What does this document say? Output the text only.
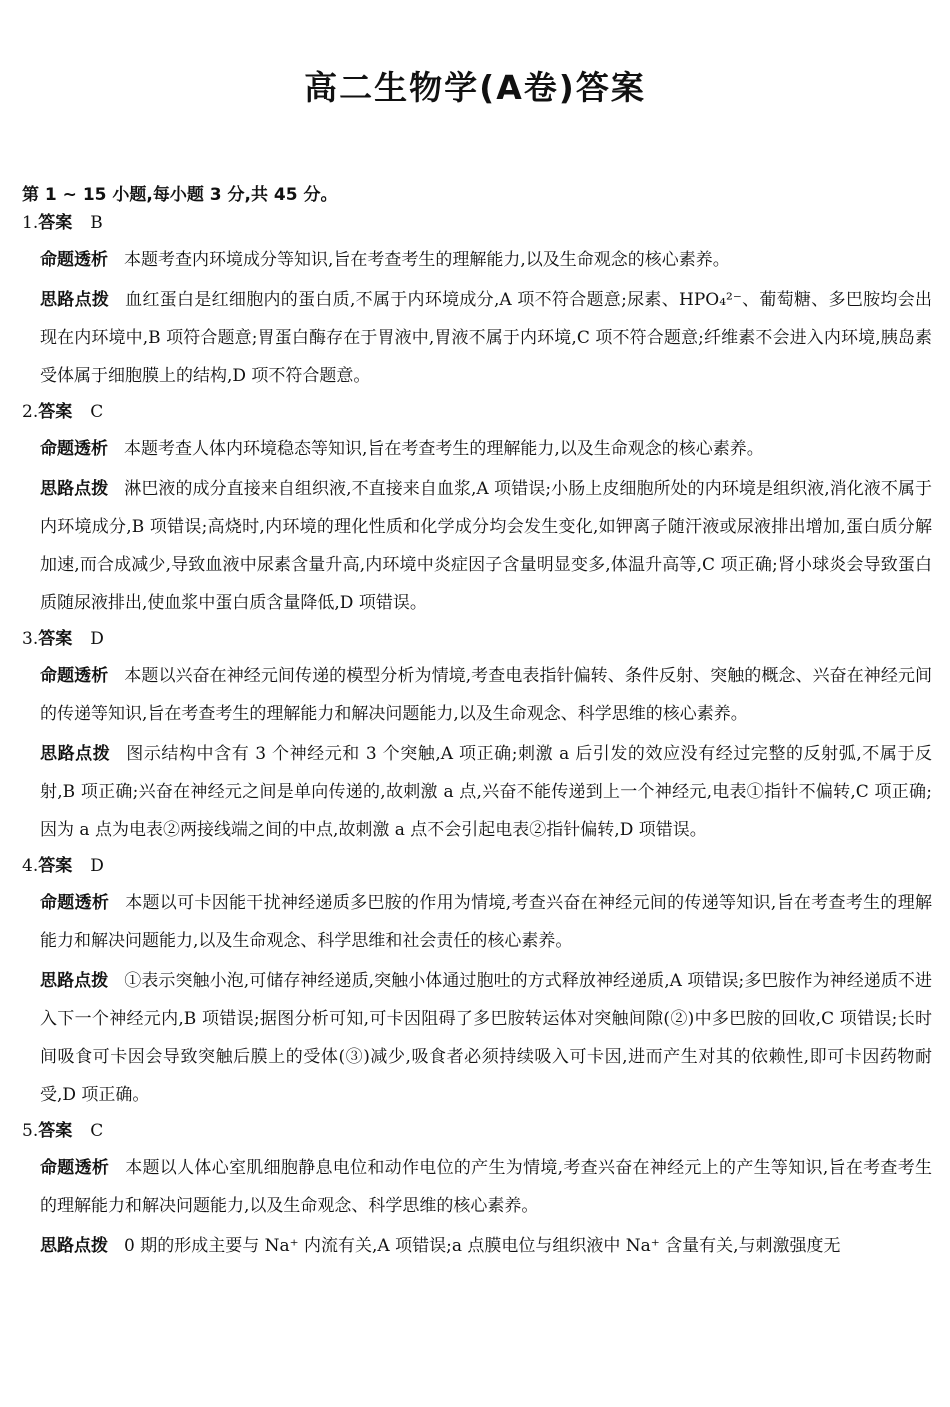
高二生物学(A卷)答案
第 1 ~ 15 小题,每小题 3 分,共 45 分。
1.答案 B
命题透析 本题考查内环境成分等知识,旨在考查考生的理解能力,以及生命观念的核心素养。
思路点拨 血红蛋白是红细胞内的蛋白质,不属于内环境成分,A 项不符合题意;尿素、HPO₄²⁻、葡萄糖、多巴胺均会出现在内环境中,B 项符合题意;胃蛋白酶存在于胃液中,胃液不属于内环境,C 项不符合题意;纤维素不会进入内环境,胰岛素受体属于细胞膜上的结构,D 项不符合题意。
2.答案 C
命题透析 本题考查人体内环境稳态等知识,旨在考查考生的理解能力,以及生命观念的核心素养。
思路点拨 淋巴液的成分直接来自组织液,不直接来自血浆,A 项错误;小肠上皮细胞所处的内环境是组织液,消化液不属于内环境成分,B 项错误;高烧时,内环境的理化性质和化学成分均会发生变化,如钾离子随汗液或尿液排出增加,蛋白质分解加速,而合成减少,导致血液中尿素含量升高,内环境中炎症因子含量明显变多,体温升高等,C 项正确;肾小球炎会导致蛋白质随尿液排出,使血浆中蛋白质含量降低,D 项错误。
3.答案 D
命题透析 本题以兴奋在神经元间传递的模型分析为情境,考查电表指针偏转、条件反射、突触的概念、兴奋在神经元间的传递等知识,旨在考查考生的理解能力和解决问题能力,以及生命观念、科学思维的核心素养。
思路点拨 图示结构中含有 3 个神经元和 3 个突触,A 项正确;刺激 a 后引发的效应没有经过完整的反射弧,不属于反射,B 项正确;兴奋在神经元之间是单向传递的,故刺激 a 点,兴奋不能传递到上一个神经元,电表①指针不偏转,C 项正确;因为 a 点为电表②两接线端之间的中点,故刺激 a 点不会引起电表②指针偏转,D 项错误。
4.答案 D
命题透析 本题以可卡因能干扰神经递质多巴胺的作用为情境,考查兴奋在神经元间的传递等知识,旨在考查考生的理解能力和解决问题能力,以及生命观念、科学思维和社会责任的核心素养。
思路点拨 ①表示突触小泡,可储存神经递质,突触小体通过胞吐的方式释放神经递质,A 项错误;多巴胺作为神经递质不进入下一个神经元内,B 项错误;据图分析可知,可卡因阻碍了多巴胺转运体对突触间隙(②)中多巴胺的回收,C 项错误;长时间吸食可卡因会导致突触后膜上的受体(③)减少,吸食者必须持续吸入可卡因,进而产生对其的依赖性,即可卡因药物耐受,D 项正确。
5.答案 C
命题透析 本题以人体心室肌细胞静息电位和动作电位的产生为情境,考查兴奋在神经元上的产生等知识,旨在考查考生的理解能力和解决问题能力,以及生命观念、科学思维的核心素养。
思路点拨 0 期的形成主要与 Na⁺ 内流有关,A 项错误;a 点膜电位与组织液中 Na⁺ 含量有关,与刺激强度无
